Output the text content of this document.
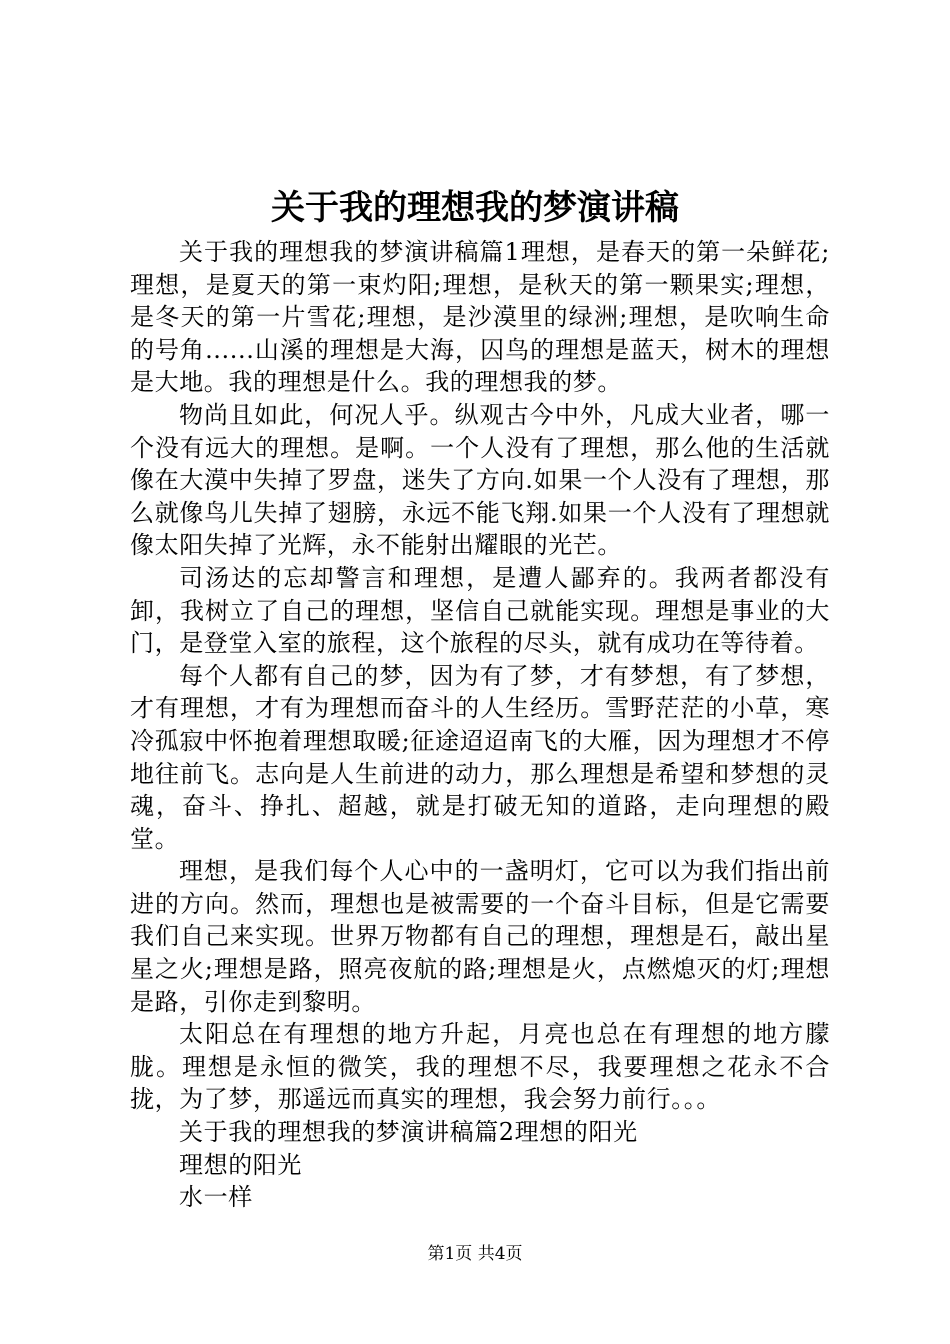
关于我的理想我的梦演讲稿

关于我的理想我的梦演讲稿篇1理想，是春天的第一朵鲜花;理想，是夏天的第一束灼阳;理想，是秋天的第一颗果实;理想，是冬天的第一片雪花;理想，是沙漠里的绿洲;理想，是吹响生命的号角......山溪的理想是大海，囚鸟的理想是蓝天，树木的理想是大地。我的理想是什么。我的理想我的梦。

物尚且如此，何况人乎。纵观古今中外，凡成大业者，哪一个没有远大的理想。是啊。一个人没有了理想，那么他的生活就像在大漠中失掉了罗盘，迷失了方向.如果一个人没有了理想，那么就像鸟儿失掉了翅膀，永远不能飞翔.如果一个人没有了理想就像太阳失掉了光辉，永不能射出耀眼的光芒。

司汤达的忘却警言和理想，是遭人鄙弃的。我两者都没有卸，我树立了自己的理想，坚信自己就能实现。理想是事业的大门，是登堂入室的旅程，这个旅程的尽头，就有成功在等待着。

每个人都有自己的梦，因为有了梦，才有梦想，有了梦想，才有理想，才有为理想而奋斗的人生经历。雪野茫茫的小草，寒冷孤寂中怀抱着理想取暖;征途迢迢南飞的大雁，因为理想才不停地往前飞。志向是人生前进的动力，那么理想是希望和梦想的灵魂，奋斗、挣扎、超越，就是打破无知的道路，走向理想的殿堂。

理想，是我们每个人心中的一盏明灯，它可以为我们指出前进的方向。然而，理想也是被需要的一个奋斗目标，但是它需要我们自己来实现。世界万物都有自己的理想，理想是石，敲出星星之火;理想是路，照亮夜航的路;理想是火，点燃熄灭的灯;理想是路，引你走到黎明。

太阳总在有理想的地方升起，月亮也总在有理想的地方朦胧。理想是永恒的微笑，我的理想不尽，我要理想之花永不合拢，为了梦，那遥远而真实的理想，我会努力前行。。。

关于我的理想我的梦演讲稿篇2理想的阳光

理想的阳光

水一样

第1页 共4页
